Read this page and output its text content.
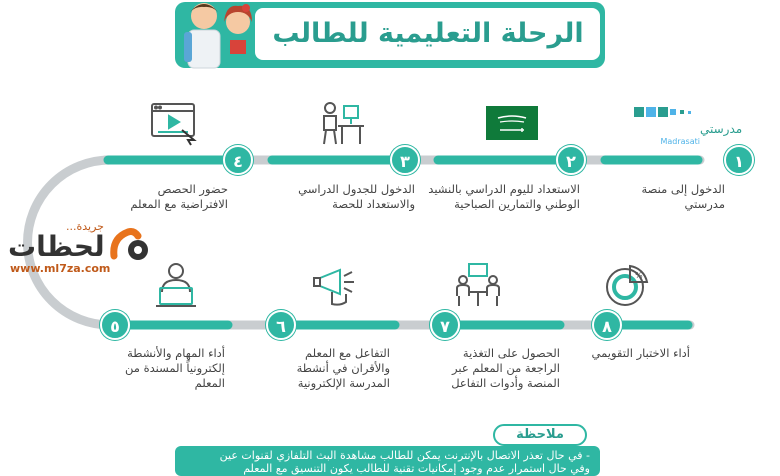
الرحلة التعليمية للطالب
١
٢
٣
٤
٥	٦	٧	٨
الدخول إلى منصة
مدرستي
الاستعداد لليوم الدراسي بالنشيد
الوطني والتمارين الصباحية
الدخول للجدول الدراسي
والاستعداد للحصة
حضور الحصص
الافتراضية مع المعلم
أداء المهام والأنشطة
إلكترونياً المسندة من
المعلم
التفاعل مع المعلم
والأقران في أنشطة
المدرسة الإلكترونية
الحصول على التغذية
الراجعة من المعلم عبر
المنصة وأدوات التفاعل
أداء الاختبار التقويمي
مدرستي
Madrasati
%
جريدة...
لحظات
www.ml7za.com
ملاحظة
- في حال تعذر الاتصال بالإنترنت يمكن للطالب مشاهدة البث التلفازي لقنوات عين
وفي حال استمرار عدم وجود إمكانيات تقنية للطالب يكون التنسيق مع المعلم
